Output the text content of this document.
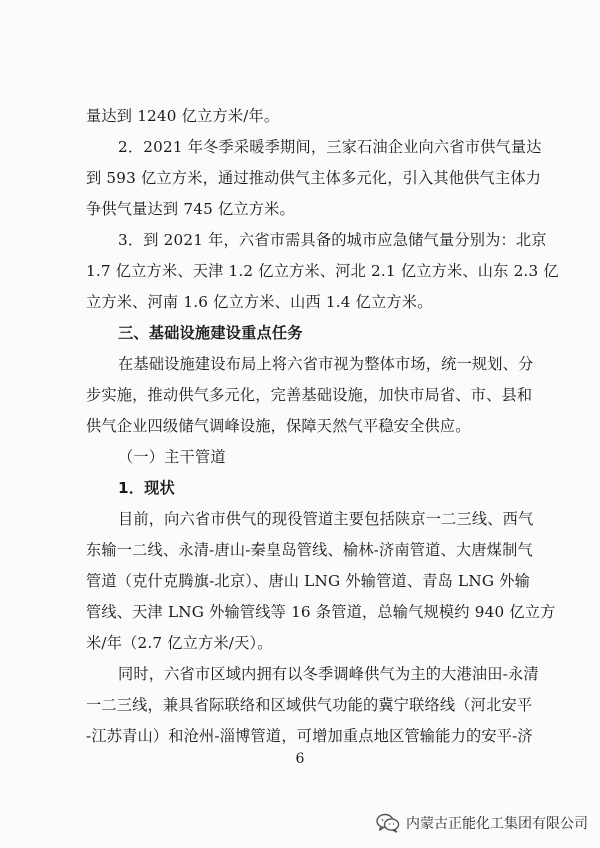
量达到 1240 亿立方米/年。
2．2021 年冬季采暖季期间，三家石油企业向六省市供气量达
到 593 亿立方米，通过推动供气主体多元化，引入其他供气主体力
争供气量达到 745 亿立方米。
3．到 2021 年，六省市需具备的城市应急储气量分别为：北京
1.7 亿立方米、天津 1.2 亿立方米、河北 2.1 亿立方米、山东 2.3 亿
立方米、河南 1.6 亿立方米、山西 1.4 亿立方米。
三、基础设施建设重点任务
在基础设施建设布局上将六省市视为整体市场，统一规划、分
步实施，推动供气多元化，完善基础设施，加快市局省、市、县和
供气企业四级储气调峰设施，保障天然气平稳安全供应。
（一）主干管道
1．现状
目前，向六省市供气的现役管道主要包括陕京一二三线、西气
东输一二线、永清-唐山-秦皇岛管线、榆林-济南管道、大唐煤制气
管道（克什克腾旗-北京）、唐山 LNG 外输管道、青岛 LNG 外输
管线、天津 LNG 外输管线等 16 条管道，总输气规模约 940 亿立方
米/年（2.7 亿立方米/天）。
同时，六省市区域内拥有以冬季调峰供气为主的大港油田-永清
一二三线，兼具省际联络和区域供气功能的冀宁联络线（河北安平
-江苏青山）和沧州-淄博管道，可增加重点地区管输能力的安平-济
6
内蒙古正能化工集团有限公司
